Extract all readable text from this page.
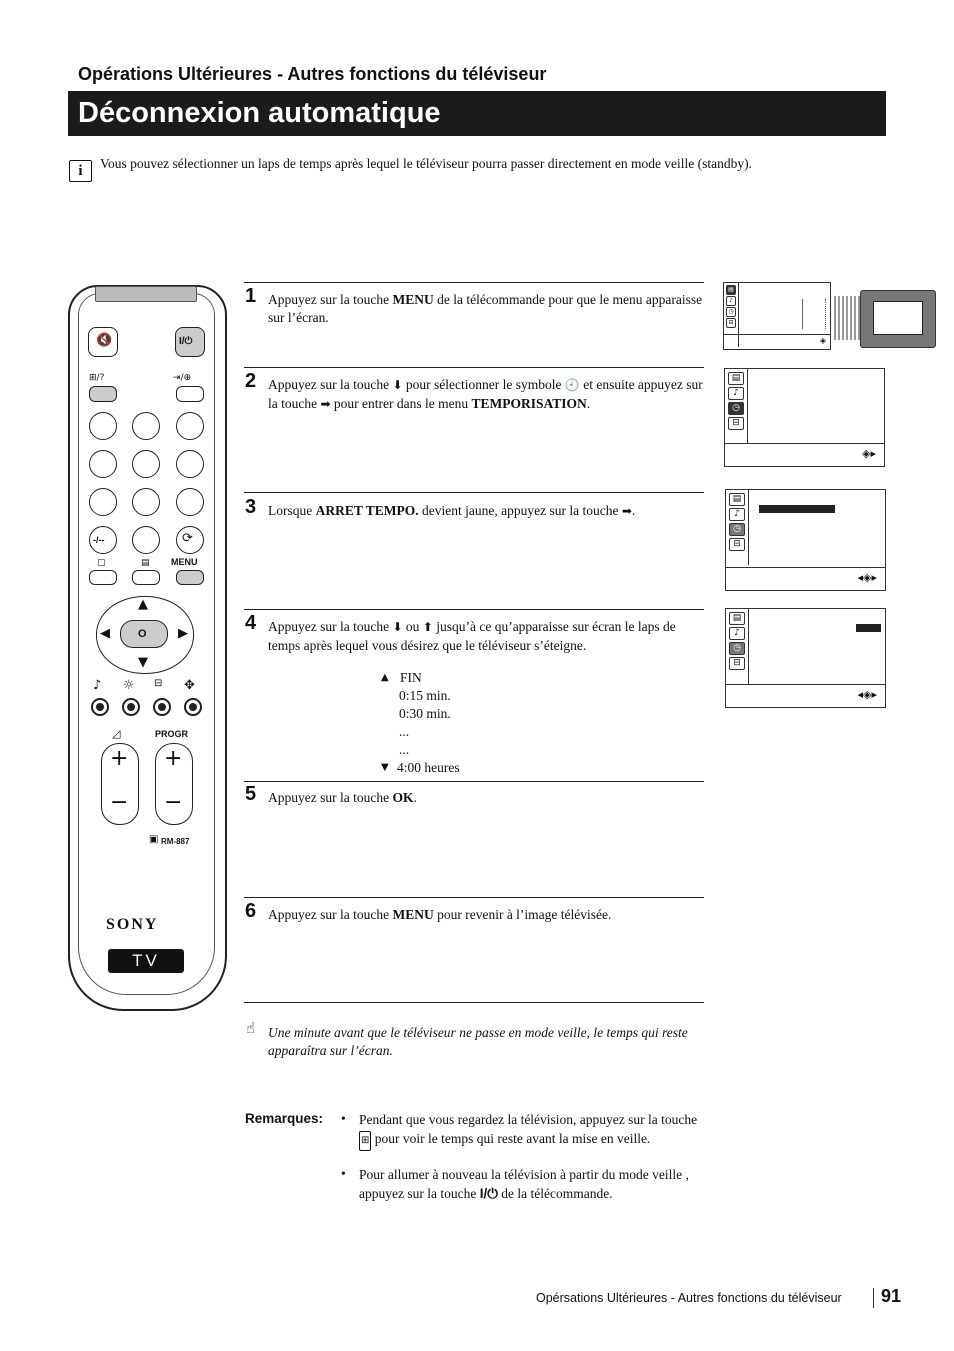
Opérations Ultérieures - Autres fonctions du téléviseur
Déconnexion automatique
i	Vous pouvez sélectionner un laps de temps après lequel le téléviseur pourra passer directement en mode veille (standby).
🔇	I/⏻
⊞/?	⇥/⊕
-/--	⟳
▢	▤ MENU
▲
▼
◀	▶
O
♪ ☼ ⊟ ✥
◿	PROGR
+
−
+
−
▣ RM-887
SONY
TV
1 Appuyez sur la touche MENU de la télécommande pour que le menu apparaisse sur l’écran.
2 Appuyez sur la touche ⬇ pour sélectionner le symbole 🕘 et ensuite appuyez sur la touche ➡ pour entrer dans le menu TEMPORISATION.
3 Lorsque ARRET TEMPO. devient jaune, appuyez sur la touche ➡.
4 Appuyez sur la touche ⬇ ou ⬆ jusqu’à ce qu’apparaisse sur écran le laps de temps après lequel vous désirez que le téléviseur s’éteigne.
▲ FIN
0:15 min.
0:30 min.
...
...
▼ 4:00 heures
5 Appuyez sur la touche OK.
6 Appuyez sur la touche MENU pour revenir à l’image télévisée.
▤
♪
◷
⊟
◈
▤
♪
◷
⊟
◈▸
▤
♪
◷
⊟
◂◈▸
▤
♪
◷
⊟
◂◈▸
☝ Une minute avant que le téléviseur ne passe en mode veille, le temps qui reste apparaîtra sur l’écran.
Remarques: • Pendant que vous regardez la télévision, appuyez sur la touche ⊞ pour voir le temps qui reste avant la mise en veille.
• Pour allumer à nouveau la télévision à partir du mode veille , appuyez sur la touche I/⏻ de la télécommande.
Opérsations Ultérieures - Autres fonctions du téléviseur 91
